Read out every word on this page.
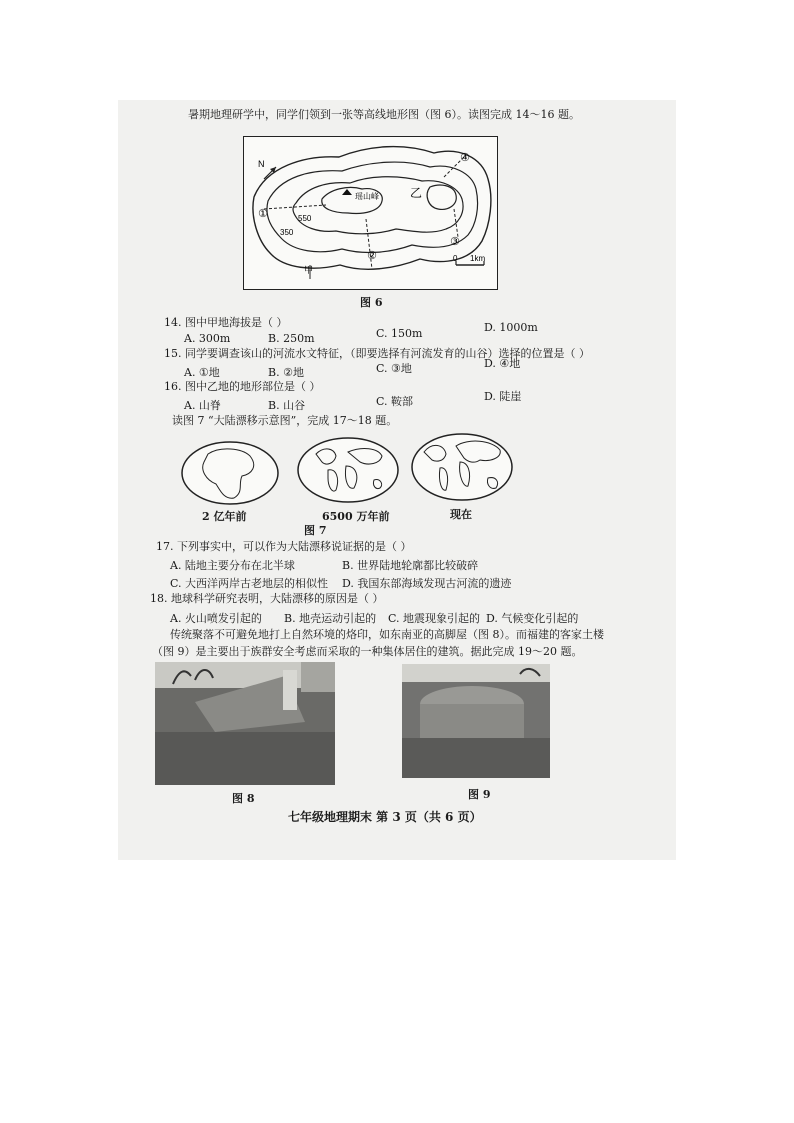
暑期地理研学中，同学们领到一张等高线地形图（图 6）。读图完成 14～16 题。
N
瑶山峰	乙
550
350
甲
0 1km
①
②
③
④
图 6
14. 图中甲地海拔是（ ）
A. 300m	B. 250m	C. 150m	D. 1000m
15. 同学要调查该山的河流水文特征，（即要选择有河流发育的山谷）选择的位置是（ ）
A. ①地	B. ②地	C. ③地	D. ④地
16. 图中乙地的地形部位是（ ）
A. 山脊	B. 山谷	C. 鞍部	D. 陡崖
读图 7 “大陆漂移示意图”，完成 17～18 题。
2 亿年前	6500 万年前	现在
图 7
17. 下列事实中，可以作为大陆漂移说证据的是（ ）
A. 陆地主要分布在北半球	B. 世界陆地轮廓都比较破碎
C. 大西洋两岸古老地层的相似性 D. 我国东部海域发现古河流的遗迹
18. 地球科学研究表明，大陆漂移的原因是（ ）
A. 火山喷发引起的 B. 地壳运动引起的 C. 地震现象引起的 D. 气候变化引起的
传统聚落不可避免地打上自然环境的烙印，如东南亚的高脚屋（图 8）。而福建的客家土楼
（图 9）是主要出于族群安全考虑而采取的一种集体居住的建筑。据此完成 19～20 题。
图 8	图 9
七年级地理期末 第 3 页（共 6 页）
